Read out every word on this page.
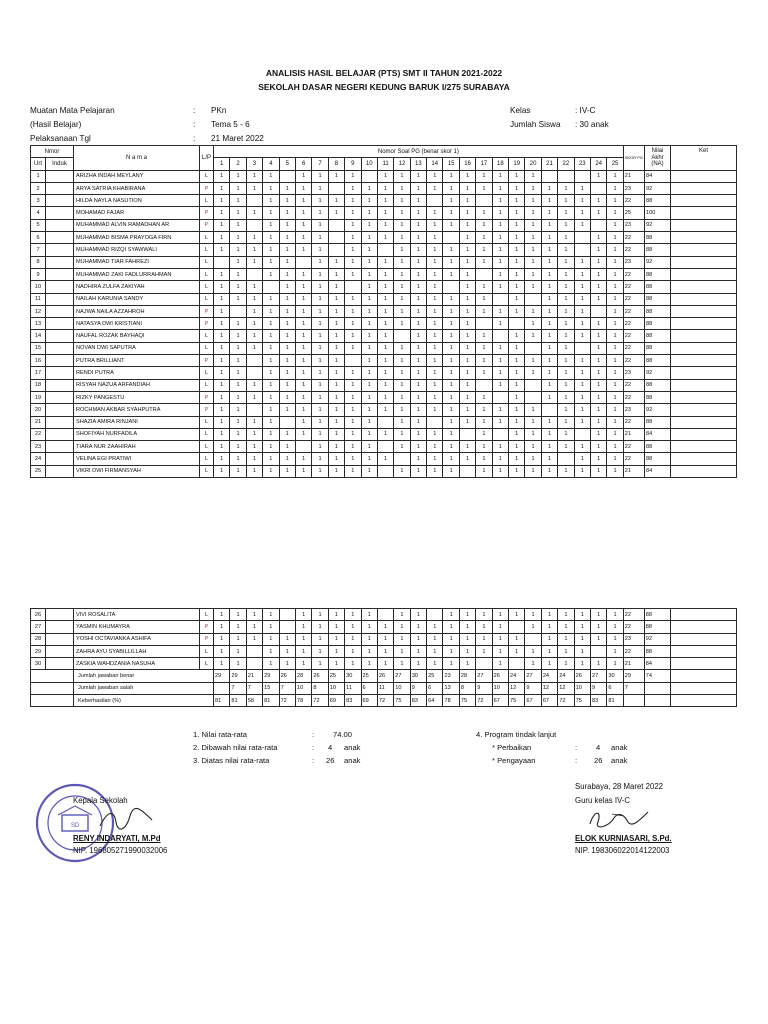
ANALISIS HASIL BELAJAR (PTS) SMT II TAHUN 2021-2022
SEKOLAH DASAR NEGERI KEDUNG BARUK I/275 SURABAYA
Muatan Mata Pelajaran
(Hasil Belajar)
Pelaksanaan Tgl
:
:
:
PKn
Tema 5 - 6
21 Maret 2022
Kelas
Jumlah Siswa
: IV-C
: 30 anak
Nmor		N a m a	L/P	Nomor Soal PG (benar skor 1)																									SKOR PG	Nilai Akhr (NA)	Ket
Urt	Induk			1	2	3	4	5	6	7	8	9	10	11	12	13	14	15	16	17	18	19	20	21	22	23	24	25			
1		ARIZHA INDAH MEYLANY	L	1	1	1	1		1	1	1	1		1	1	1	1	1	1	1	1	1	1				1	1	21	84	
2		ARYA SATRIA KHABIRANA	P	1	1	1	1	1	1	1		1	1	1	1	1	1	1	1	1	1	1	1	1	1	1		1	23	92	
3		HILDA NAYLA NASUTION	L	1	1		1	1	1	1	1	1	1	1	1	1		1	1		1	1	1	1	1	1	1	1	22	88	
4		MOHAMAD FAJAR	P	1	1	1	1	1	1	1	1	1	1	1	1	1	1	1	1	1	1	1	1	1	1	1	1	1	25	100	
5		MUHAMMAD ALVIN RAMADHAN AR	P	1	1		1	1	1	1		1	1	1	1	1	1	1	1	1	1	1	1	1	1	1		1	23	92	
6		MUHAMMAD BISMA PRAYOGA FIRN	L	1	1	1	1	1	1	1		1	1	1	1	1	1		1	1	1	1	1	1	1		1	1	22	88	
7		MUHAMMAD RIZQI SYAWWALI	L	1	1	1	1	1	1	1		1	1		1	1	1	1	1	1	1	1	1	1	1		1	1	22	88	
8		MUHAMMAD TIAR FAHREZI	L		1	1	1	1		1	1	1	1	1	1	1	1	1	1	1	1	1	1	1	1	1	1	1	23	92	
9		MUHAMMAD ZAKI FADLURRAHMAN	L	1	1		1	1	1	1	1	1	1	1	1	1	1	1	1		1	1	1	1	1	1	1	1	22	88	
10		NADHIRA ZULFA ZAKIYAH	L	1	1	1		1	1	1	1		1	1	1	1	1		1	1	1	1	1	1	1	1	1	1	22	88	
11		NAILAH KARUNIA SANDY	L	1	1	1	1	1	1	1	1	1	1	1	1	1	1	1	1	1		1		1	1	1	1	1	22	88	
12		NAJWA NAILA AZZAHROH	P	1		1	1	1	1	1	1	1	1	1	1	1	1	1	1	1	1	1	1	1	1	1		1	22	88	
13		NATASYA DWI KRISTIANI	P	1	1	1	1	1	1	1	1	1	1	1	1	1	1	1	1		1		1	1	1	1	1	1	22	88	
14		NAUFAL ROZAK BAYHAQI	L	1	1	1	1	1	1	1	1	1	1	1		1	1	1	1	1		1	1	1	1	1	1	1	22	88	
15		NOVAN DWI SAPUTRA	L	1	1	1	1	1	1	1	1	1	1	1	1	1	1	1	1	1	1	1		1	1		1	1	22	88	
16		PUTRA BRILLIANT	P	1	1		1	1	1	1	1		1	1	1	1	1	1	1	1	1	1	1	1	1	1	1	1	22	88	
17		RENDI PUTRA	L	1	1		1	1	1	1	1	1	1	1	1	1	1	1	1	1	1	1	1	1	1	1	1	1	23	92	
18		RISYAH NAZUA ARFANDIAH	L	1	1	1	1	1	1	1	1	1	1	1	1	1	1	1	1		1	1		1	1	1	1	1	22	88	
19		RIZKY PANGESTU	P	1	1	1	1	1	1	1	1	1	1	1	1	1	1	1	1	1		1		1	1	1	1	1	22	88	
20		ROCHMAN AKBAR SYAHPUTRA	P	1	1		1	1	1	1	1	1	1	1	1	1	1	1	1	1	1	1	1		1	1	1	1	23	92	
21		SHAZIA AMIRA RINJANI	L	1	1	1	1		1	1	1	1	1		1	1		1	1	1	1	1	1	1	1	1	1	1	22	88	
22		SHOFIYAH NURFADILA	L	1	1	1	1	1	1	1	1	1	1	1	1	1	1	1		1		1	1	1	1		1	1	21	84	
23		TIARA NUR ZAAHIRAH	L	1	1	1	1	1		1	1	1	1		1	1	1	1	1	1	1	1	1	1	1	1	1	1	22	88	
24		VELINA EGI PRATIWI	L	1	1	1	1	1	1	1	1	1	1	1		1	1	1	1	1	1	1	1	1		1	1	1	22	88	
25		VIKRI DWI FIRMANSYAH	L	1	1	1	1	1	1	1	1	1	1		1	1	1	1		1	1	1	1	1	1	1	1	1	21	84	
26		VIVI ROSALITA	L	1	1	1	1		1	1	1	1	1		1	1		1	1	1	1	1	1	1	1	1	1	1	22	88	
27		YASMIN KHUMAYRA	P	1	1	1	1		1	1	1	1	1	1	1	1	1	1	1	1	1		1	1	1	1	1	1	22	88	
28		YOSHI OCTAVIANKA ASHIFA	P	1	1	1	1	1	1	1	1	1	1	1	1	1	1	1	1	1	1	1		1	1	1	1	1	23	92	
29		ZAHRA AYU SYABILLILLAH	L	1	1		1	1	1	1	1	1	1	1	1	1	1	1	1	1	1	1	1	1	1	1		1	22	88	
30		ZASKIA WAHDZANIA NASUHA	L	1	1		1	1	1	1	1	1	1	1	1	1	1	1	1		1		1	1	1	1	1	1	21	84	
		Jumlah jawaban benar		29	29	21	29	26	28	26	25	30	25	26	27	30	25	23	28	27	26	24	27	24	24	26	27	30	29	74	
		Jumlah jawaban salah			7	7	15	7	10	8	10	11	6	11	10	9	6	13	8	9	10	12	9	12	12	10	9	6	7		
		Keberhasilan (%)		81	81	58	81	72	78	72	69	83	69	72	75	83	64	78	75	72	67	75	67	67	72	75	83	81			
1. Nilai rata-rata	: 74.00
2. Dibawah nilai rata-rata	: 4 anak
3. Diatas nilai rata-rata	: 26 anak
4. Program tindak lanjut
* Perbaikan	: 4 anak
* Pengayaan	: 26 anak
SD
Kepala Sekolah
RENY INDARYATI, M.Pd
NIP. 196805271990032006
Surabaya, 28 Maret 2022
Guru kelas IV-C
ELOK KURNIASARI, S.Pd.
NIP. 198306022014122003
